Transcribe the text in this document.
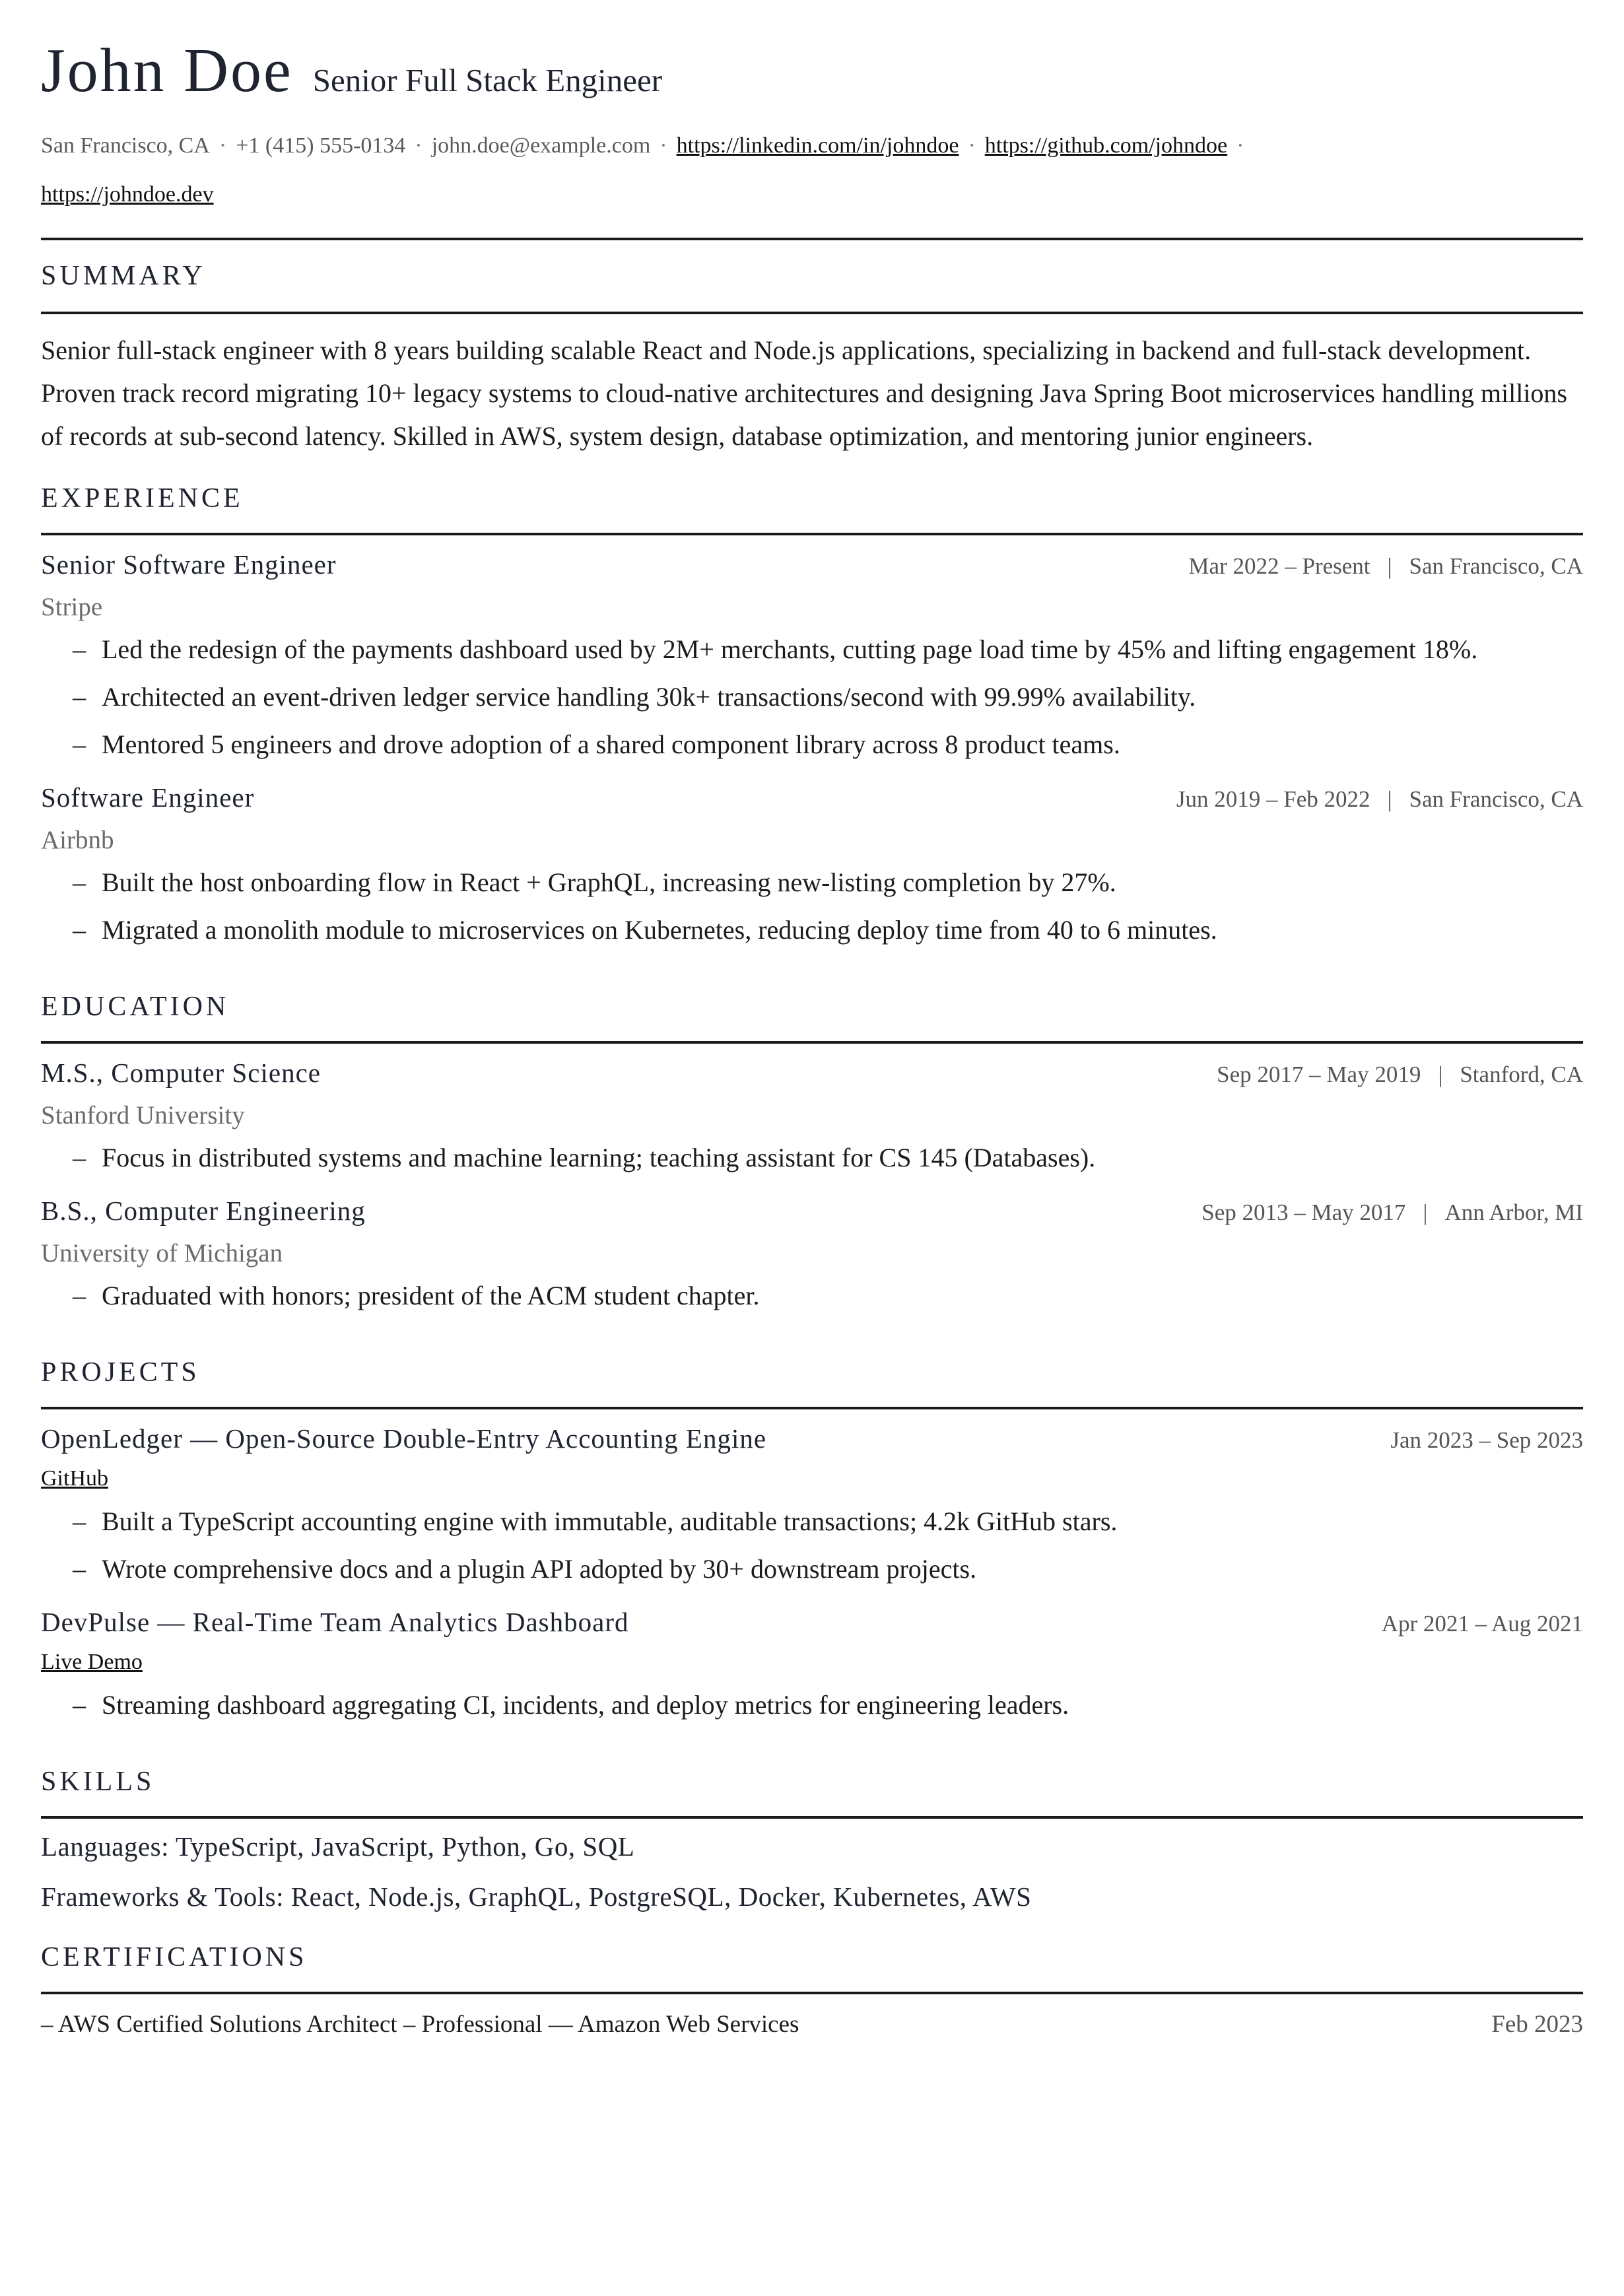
John Doe Senior Full Stack Engineer
San Francisco, CA · +1 (415) 555-0134 · john.doe@example.com · https://linkedin.com/in/johndoe · https://github.com/johndoe ·
https://johndoe.dev
SUMMARY
Senior full-stack engineer with 8 years building scalable React and Node.js applications, specializing in backend and full-stack development. Proven track record migrating 10+ legacy systems to cloud-native architectures and designing Java Spring Boot microservices handling millions of records at sub-second latency. Skilled in AWS, system design, database optimization, and mentoring junior engineers.
EXPERIENCE
Senior Software Engineer	Mar 2022 – Present | San Francisco, CA
Stripe
– Led the redesign of the payments dashboard used by 2M+ merchants, cutting page load time by 45% and lifting engagement 18%.
– Architected an event-driven ledger service handling 30k+ transactions/second with 99.99% availability.
– Mentored 5 engineers and drove adoption of a shared component library across 8 product teams.
Software Engineer	Jun 2019 – Feb 2022 | San Francisco, CA
Airbnb
– Built the host onboarding flow in React + GraphQL, increasing new-listing completion by 27%.
– Migrated a monolith module to microservices on Kubernetes, reducing deploy time from 40 to 6 minutes.
EDUCATION
M.S., Computer Science	Sep 2017 – May 2019 | Stanford, CA
Stanford University
– Focus in distributed systems and machine learning; teaching assistant for CS 145 (Databases).
B.S., Computer Engineering	Sep 2013 – May 2017 | Ann Arbor, MI
University of Michigan
– Graduated with honors; president of the ACM student chapter.
PROJECTS
OpenLedger — Open-Source Double-Entry Accounting Engine	Jan 2023 – Sep 2023
GitHub
– Built a TypeScript accounting engine with immutable, auditable transactions; 4.2k GitHub stars.
– Wrote comprehensive docs and a plugin API adopted by 30+ downstream projects.
DevPulse — Real-Time Team Analytics Dashboard	Apr 2021 – Aug 2021
Live Demo
– Streaming dashboard aggregating CI, incidents, and deploy metrics for engineering leaders.
SKILLS
Languages: TypeScript, JavaScript, Python, Go, SQL
Frameworks & Tools: React, Node.js, GraphQL, PostgreSQL, Docker, Kubernetes, AWS
CERTIFICATIONS
– AWS Certified Solutions Architect – Professional — Amazon Web Services	Feb 2023
